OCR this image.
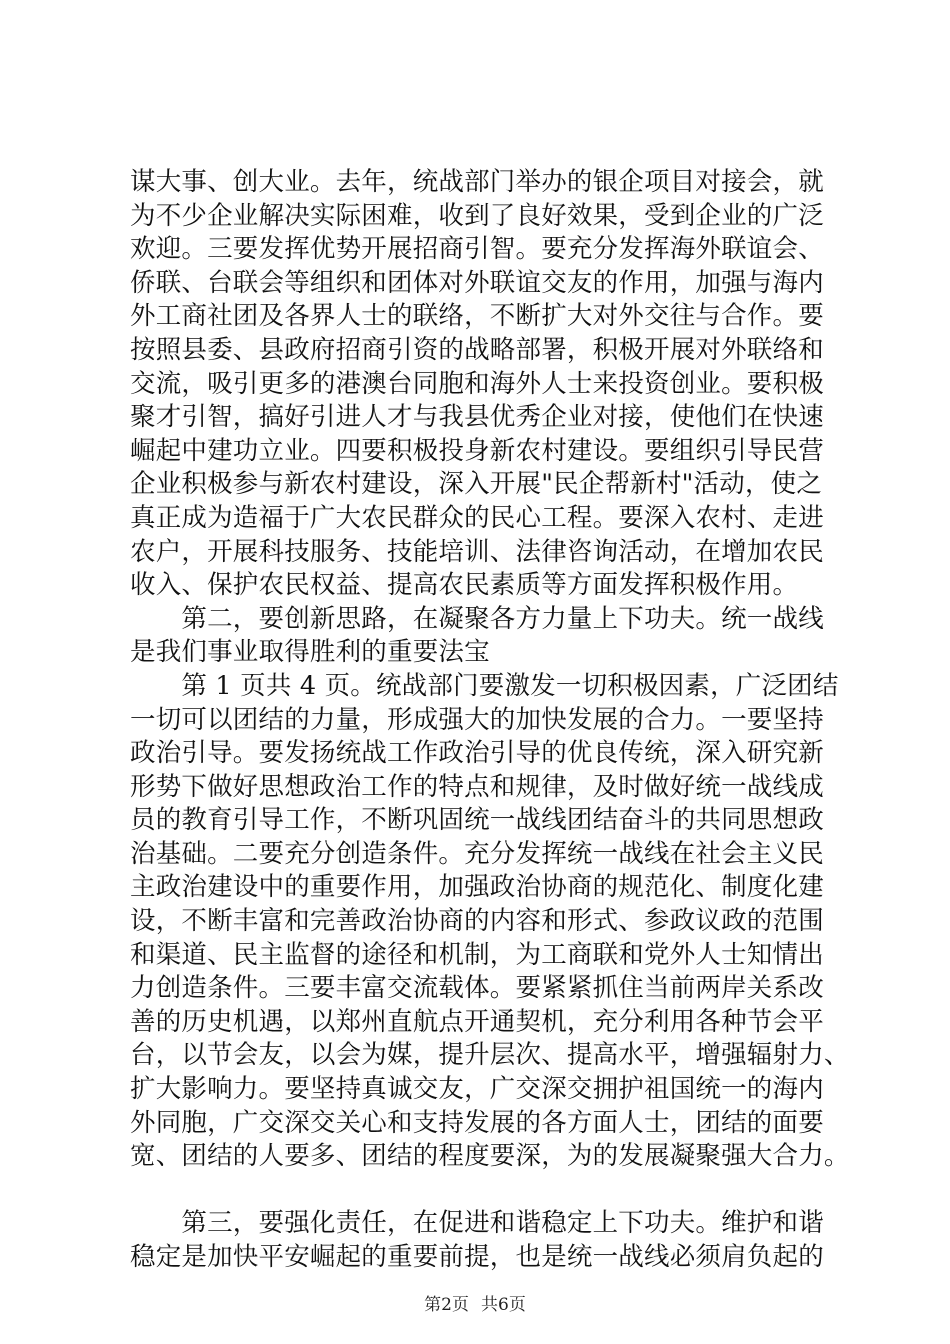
谋大事、创大业。去年，统战部门举办的银企项目对接会，就
为不少企业解决实际困难，收到了良好效果，受到企业的广泛
欢迎。三要发挥优势开展招商引智。要充分发挥海外联谊会、
侨联、台联会等组织和团体对外联谊交友的作用，加强与海内
外工商社团及各界人士的联络，不断扩大对外交往与合作。要
按照县委、县政府招商引资的战略部署，积极开展对外联络和
交流，吸引更多的港澳台同胞和海外人士来投资创业。要积极
聚才引智，搞好引进人才与我县优秀企业对接，使他们在快速
崛起中建功立业。四要积极投身新农村建设。要组织引导民营
企业积极参与新农村建设，深入开展"民企帮新村"活动，使之
真正成为造福于广大农民群众的民心工程。要深入农村、走进
农户，开展科技服务、技能培训、法律咨询活动，在增加农民
收入、保护农民权益、提高农民素质等方面发挥积极作用。
　　第二，要创新思路，在凝聚各方力量上下功夫。统一战线
是我们事业取得胜利的重要法宝
　　第 1 页共 4 页。统战部门要激发一切积极因素，广泛团结
一切可以团结的力量，形成强大的加快发展的合力。一要坚持
政治引导。要发扬统战工作政治引导的优良传统，深入研究新
形势下做好思想政治工作的特点和规律，及时做好统一战线成
员的教育引导工作，不断巩固统一战线团结奋斗的共同思想政
治基础。二要充分创造条件。充分发挥统一战线在社会主义民
主政治建设中的重要作用，加强政治协商的规范化、制度化建
设，不断丰富和完善政治协商的内容和形式、参政议政的范围
和渠道、民主监督的途径和机制，为工商联和党外人士知情出
力创造条件。三要丰富交流载体。要紧紧抓住当前两岸关系改
善的历史机遇，以郑州直航点开通契机，充分利用各种节会平
台，以节会友，以会为媒，提升层次、提高水平，增强辐射力、
扩大影响力。要坚持真诚交友，广交深交拥护祖国统一的海内
外同胞，广交深交关心和支持发展的各方面人士，团结的面要
宽、团结的人要多、团结的程度要深，为的发展凝聚强大合力。
　　第三，要强化责任，在促进和谐稳定上下功夫。维护和谐
稳定是加快平安崛起的重要前提，也是统一战线必须肩负起的
第2页 共6页
